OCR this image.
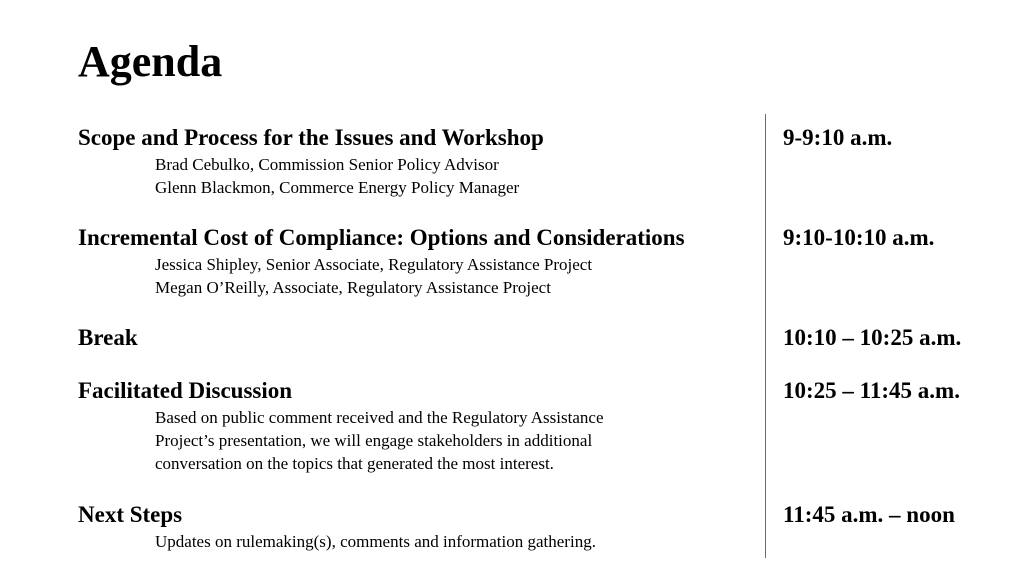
Agenda

Scope and Process for the Issues and Workshop	9-9:10 a.m.

Brad Cebulko, Commission Senior Policy Advisor
Glenn Blackmon, Commerce Energy Policy Manager

Incremental Cost of Compliance: Options and Considerations	9:10-10:10 a.m.

Jessica Shipley, Senior Associate, Regulatory Assistance Project
Megan O’Reilly, Associate, Regulatory Assistance Project

Break	10:10 – 10:25 a.m.

Facilitated Discussion	10:25 – 11:45 a.m.

Based on public comment received and the Regulatory Assistance
Project’s presentation, we will engage stakeholders in additional
conversation on the topics that generated the most interest.

Next Steps	11:45 a.m. – noon

Updates on rulemaking(s), comments and information gathering.
